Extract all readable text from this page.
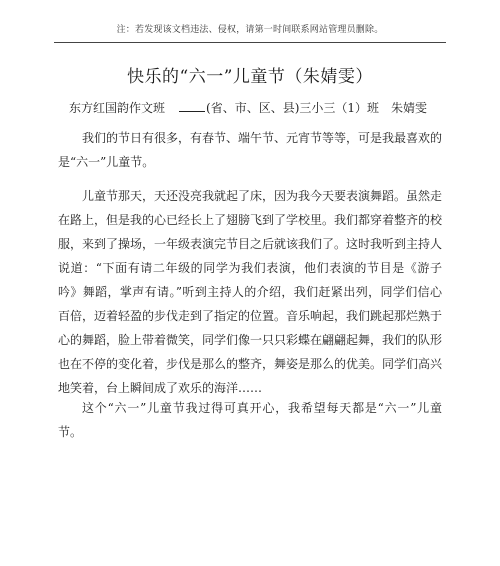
注：若发现该文档违法、侵权，请第一时间联系网站管理员删除。
快乐的“六一”儿童节（朱婧雯）
东方红国韵作文班	(省、市、区、县)三小三（1）班　朱婧雯

我们的节日有很多，有春节、端午节、元宵节等等，可是我最喜欢的是“六一”儿童节。

儿童节那天，天还没亮我就起了床，因为我今天要表演舞蹈。虽然走在路上，但是我的心已经长上了翅膀飞到了学校里。我们都穿着整齐的校服，来到了操场，一年级表演完节目之后就该我们了。这时我听到主持人说道：“下面有请二年级的同学为我们表演，他们表演的节目是《游子吟》舞蹈，掌声有请。”听到主持人的介绍，我们赶紧出列，同学们信心百倍，迈着轻盈的步伐走到了指定的位置。音乐响起，我们跳起那烂熟于心的舞蹈，脸上带着微笑，同学们像一只只彩蝶在翩翩起舞，我们的队形也在不停的变化着，步伐是那么的整齐，舞姿是那么的优美。同学们高兴地笑着，台上瞬间成了欢乐的海洋……

这个“六一”儿童节我过得可真开心，我希望每天都是“六一”儿童节。
